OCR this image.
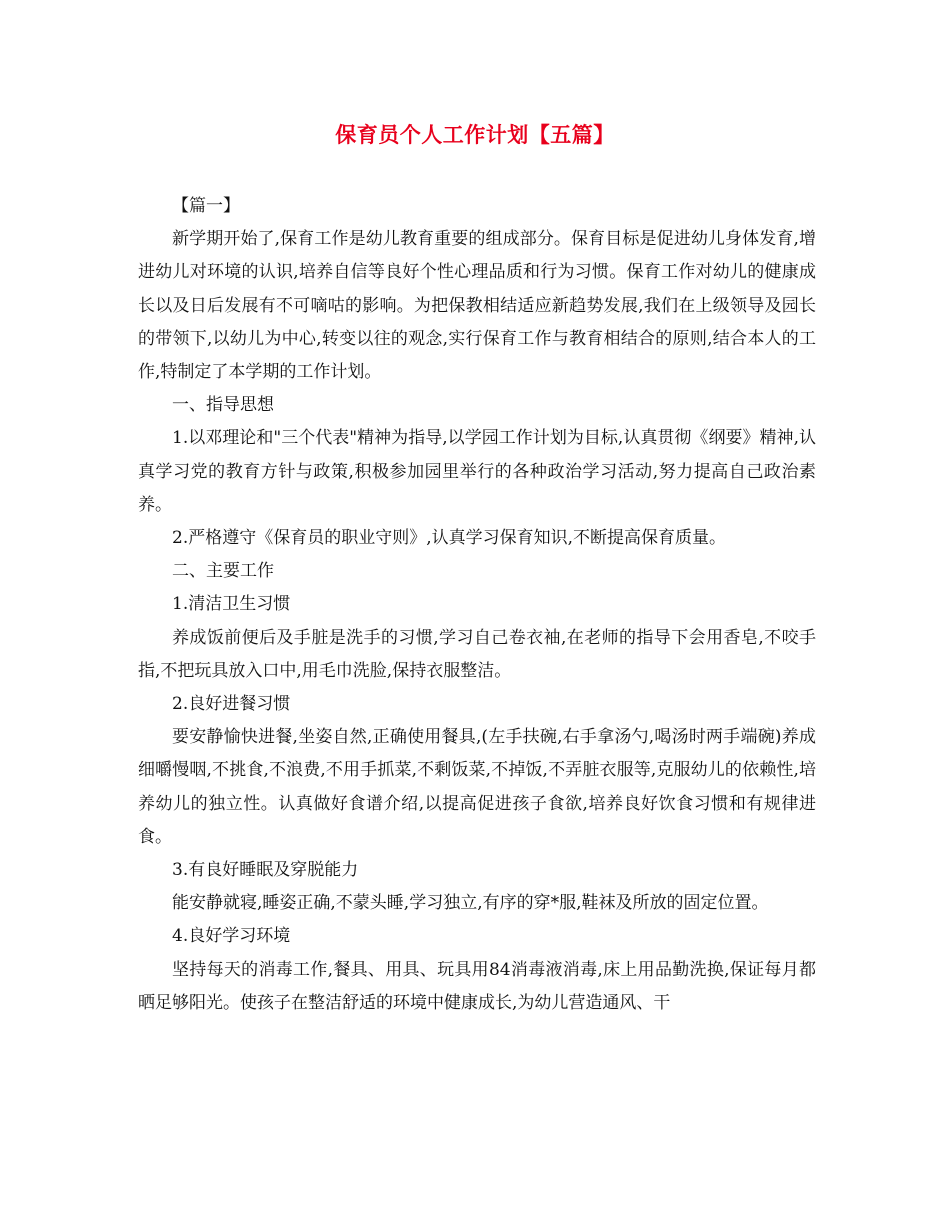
保育员个人工作计划【五篇】

【篇一】

新学期开始了,保育工作是幼儿教育重要的组成部分。保育目标是促进幼儿身体发育,增进幼儿对环境的认识,培养自信等良好个性心理品质和行为习惯。保育工作对幼儿的健康成长以及日后发展有不可嘀咕的影响。为把保教相结适应新趋势发展,我们在上级领导及园长的带领下,以幼儿为中心,转变以往的观念,实行保育工作与教育相结合的原则,结合本人的工作,特制定了本学期的工作计划。

一、指导思想

1.以邓理论和"三个代表"精神为指导,以学园工作计划为目标,认真贯彻《纲要》精神,认真学习党的教育方针与政策,积极参加园里举行的各种政治学习活动,努力提高自己政治素养。

2.严格遵守《保育员的职业守则》,认真学习保育知识,不断提高保育质量。

二、主要工作

1.清洁卫生习惯

养成饭前便后及手脏是洗手的习惯,学习自己卷衣袖,在老师的指导下会用香皂,不咬手指,不把玩具放入口中,用毛巾洗脸,保持衣服整洁。

2.良好进餐习惯

要安静愉快进餐,坐姿自然,正确使用餐具,(左手扶碗,右手拿汤勺,喝汤时两手端碗)养成细嚼慢咽,不挑食,不浪费,不用手抓菜,不剩饭菜,不掉饭,不弄脏衣服等,克服幼儿的依赖性,培养幼儿的独立性。认真做好食谱介绍,以提高促进孩子食欲,培养良好饮食习惯和有规律进食。

3.有良好睡眠及穿脱能力

能安静就寝,睡姿正确,不蒙头睡,学习独立,有序的穿*服,鞋袜及所放的固定位置。

4.良好学习环境

坚持每天的消毒工作,餐具、用具、玩具用84消毒液消毒,床上用品勤洗换,保证每月都晒足够阳光。使孩子在整洁舒适的环境中健康成长,为幼儿营造通风、干
